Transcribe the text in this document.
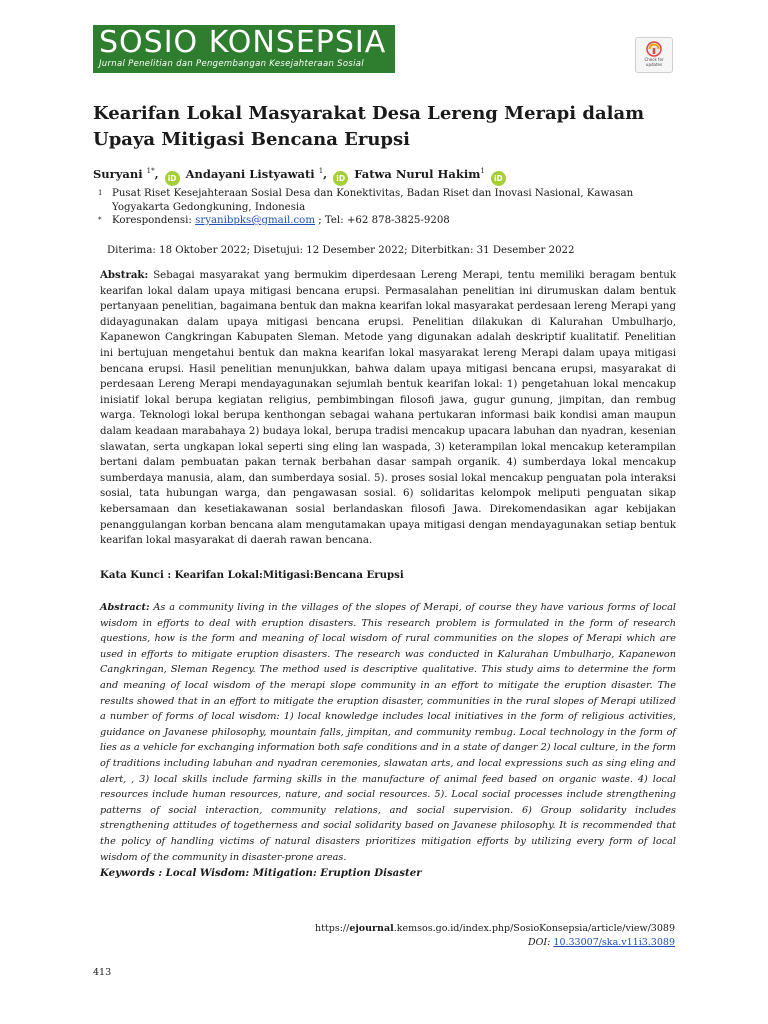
SOSIO KONSEPSIA
Jurnal Penelitian dan Pengembangan Kesejahteraan Sosial	Check for updates
Kearifan Lokal Masyarakat Desa Lereng Merapi dalam Upaya Mitigasi Bencana Erupsi
Suryani $^{1*}$, iD Andayani Listyawati $^1$, iD Fatwa Nurul Hakim$^1$ iD
1 Pusat Riset Kesejahteraan Sosial Desa dan Konektivitas, Badan Riset dan Inovasi Nasional, Kawasan Yogyakarta Gedongkuning, Indonesia
*	Korespondensi: sryanibpks@gmail.com ; Tel: +62 878-3825-9208
Diterima: 18 Oktober 2022; Disetujui: 12 Desember 2022; Diterbitkan: 31 Desember 2022
Abstrak: Sebagai masyarakat yang bermukim diperdesaan Lereng Merapi, tentu memiliki beragam bentuk kearifan lokal dalam upaya mitigasi bencana erupsi. Permasalahan penelitian ini dirumuskan dalam bentuk pertanyaan penelitian, bagaimana bentuk dan makna kearifan lokal masyarakat perdesaan lereng Merapi yang didayagunakan dalam upaya mitigasi bencana erupsi. Penelitian dilakukan di Kalurahan Umbulharjo, Kapanewon Cangkringan Kabupaten Sleman. Metode yang digunakan adalah deskriptif kualitatif. Penelitian ini bertujuan mengetahui bentuk dan makna kearifan lokal masyarakat lereng Merapi dalam upaya mitigasi bencana erupsi. Hasil penelitian menunjukkan, bahwa dalam upaya mitigasi bencana erupsi, masyarakat di perdesaan Lereng Merapi mendayagunakan sejumlah bentuk kearifan lokal: 1) pengetahuan lokal mencakup inisiatif lokal berupa kegiatan religius, pembimbingan filosofi jawa, gugur gunung, jimpitan, dan rembug warga. Teknologi lokal berupa kenthongan sebagai wahana pertukaran informasi baik kondisi aman maupun dalam keadaan marabahaya 2) budaya lokal, berupa tradisi mencakup upacara labuhan dan nyadran, kesenian slawatan, serta ungkapan lokal seperti sing eling lan waspada, 3) keterampilan lokal mencakup keterampilan bertani dalam pembuatan pakan ternak berbahan dasar sampah organik. 4) sumberdaya lokal mencakup sumberdaya manusia, alam, dan sumberdaya sosial. 5). proses sosial lokal mencakup penguatan pola interaksi sosial, tata hubungan warga, dan pengawasan sosial. 6) solidaritas kelompok meliputi penguatan sikap kebersamaan dan kesetiakawanan sosial berlandaskan filosofi Jawa. Direkomendasikan agar kebijakan penanggulangan korban bencana alam mengutamakan upaya mitigasi dengan mendayagunakan setiap bentuk kearifan lokal masyarakat di daerah rawan bencana.
Kata Kunci : Kearifan Lokal:Mitigasi:Bencana Erupsi
Abstract: As a community living in the villages of the slopes of Merapi, of course they have various forms of local wisdom in efforts to deal with eruption disasters. This research problem is formulated in the form of research questions, how is the form and meaning of local wisdom of rural communities on the slopes of Merapi which are used in efforts to mitigate eruption disasters. The research was conducted in Kalurahan Umbulharjo, Kapanewon Cangkringan, Sleman Regency. The method used is descriptive qualitative. This study aims to determine the form and meaning of local wisdom of the merapi slope community in an effort to mitigate the eruption disaster. The results showed that in an effort to mitigate the eruption disaster, communities in the rural slopes of Merapi utilized a number of forms of local wisdom: 1) local knowledge includes local initiatives in the form of religious activities, guidance on Javanese philosophy, mountain falls, jimpitan, and community rembug. Local technology in the form of lies as a vehicle for exchanging information both safe conditions and in a state of danger 2) local culture, in the form of traditions including labuhan and nyadran ceremonies, slawatan arts, and local expressions such as sing eling and alert, , 3) local skills include farming skills in the manufacture of animal feed based on organic waste. 4) local resources include human resources, nature, and social resources. 5). Local social processes include strengthening patterns of social interaction, community relations, and social supervision. 6) Group solidarity includes strengthening attitudes of togetherness and social solidarity based on Javanese philosophy. It is recommended that the policy of handling victims of natural disasters prioritizes mitigation efforts by utilizing every form of local wisdom of the community in disaster-prone areas.
Keywords : Local Wisdom: Mitigation: Eruption Disaster
https://ejournal.kemsos.go.id/index.php/SosioKonsepsia/article/view/3089
DOI: 10.33007/ska.v11i3.3089
413
